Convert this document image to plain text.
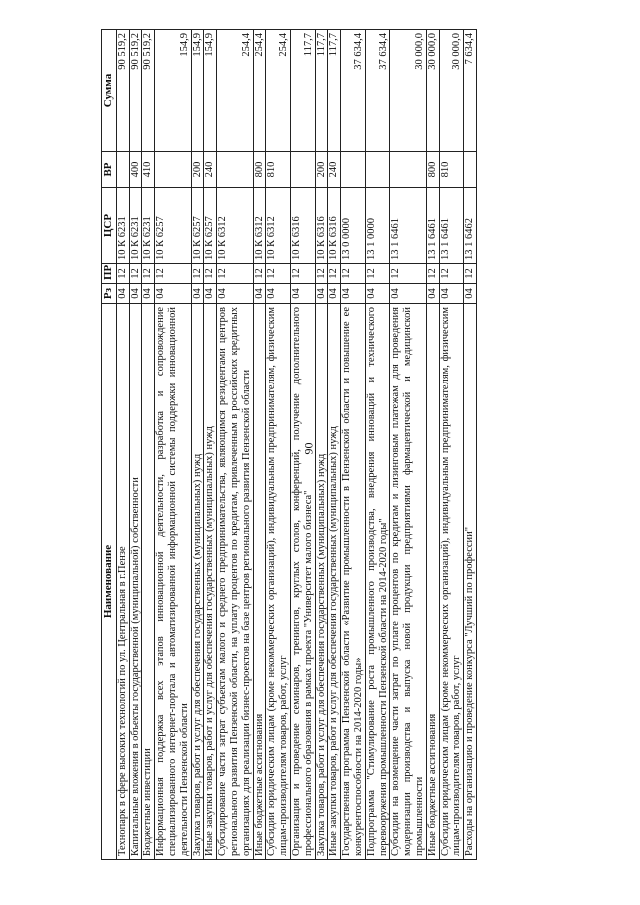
90
Наименование	Рз	ПР	ЦСР	ВР	Сумма
Технопарк в сфере высоких технологий по ул. Центральная в г.Пензе	04	12	10 К 6231		90 519,2
Капитальные вложения в объекты государственной (муниципальной) собственности	04	12	10 К 6231	400	90 519,2
Бюджетные инвестиции	04	12	10 К 6231	410	90 519,2
Информационная поддержка всех этапов инновационной деятельности, разработка и сопровождение специализированного интернет-портала и автоматизированной информационной системы поддержки инновационной деятельности Пензенской области	04	12	10 К 6257		154,9
Закупка товаров, работ и услуг для обеспечения государственных (муниципальных) нужд	04	12	10 К 6257	200	154,9
Иные закупки товаров, работ и услуг для обеспечения государственных (муниципальных) нужд	04	12	10 К 6257	240	154,9
Субсидирование части затрат субъектам малого и среднего предпринимательства, являющимся резидентами центров регионального развития Пензенской области, на уплату процентов по кредитам, привлеченным в российских кредитных организациях для реализации бизнес-проектов на базе центров регионального развития Пензенской области	04	12	10 К 6312		254,4
Иные бюджетные ассигнования	04	12	10 К 6312	800	254,4
Субсидии юридическим лицам (кроме некоммерческих организаций), индивидуальным предпринимателям, физическим лицам-производителям товаров, работ, услуг	04	12	10 К 6312	810	254,4
Организация и проведение семинаров, тренингов, круглых столов, конференций, получение дополнительного профессионального образования в рамках проекта "Университет малого бизнеса"	04	12	10 К 6316		117,7
Закупка товаров, работ и услуг для обеспечения государственных (муниципальных) нужд	04	12	10 К 6316	200	117,7
Иные закупки товаров, работ и услуг для обеспечения государственных (муниципальных) нужд	04	12	10 К 6316	240	117,7
Государственная программа Пензенской области «Развитие промышленности в Пензенской области и повышение ее конкурентоспособности на 2014-2020 годы»	04	12	13 0 0000		37 634,4
Подпрограмма "Стимулирование роста промышленного производства, внедрения инноваций и технического перевооружения промышленности Пензенской области на 2014-2020 годы"	04	12	13 1 0000		37 634,4
Субсидии на возмещение части затрат по уплате процентов по кредитам и лизинговым платежам для проведения модернизации производства и выпуска новой продукции предприятиями фармацевтической и медицинской промышленности	04	12	13 1 6461		30 000,0
Иные бюджетные ассигнования	04	12	13 1 6461	800	30 000,0
Субсидии юридическим лицам (кроме некоммерческих организаций), индивидуальным предпринимателям, физическим лицам-производителям товаров, работ, услуг	04	12	13 1 6461	810	30 000,0
Расходы на организацию и проведение конкурса "Лучший по профессии"	04	12	13 1 6462		7 634,4
